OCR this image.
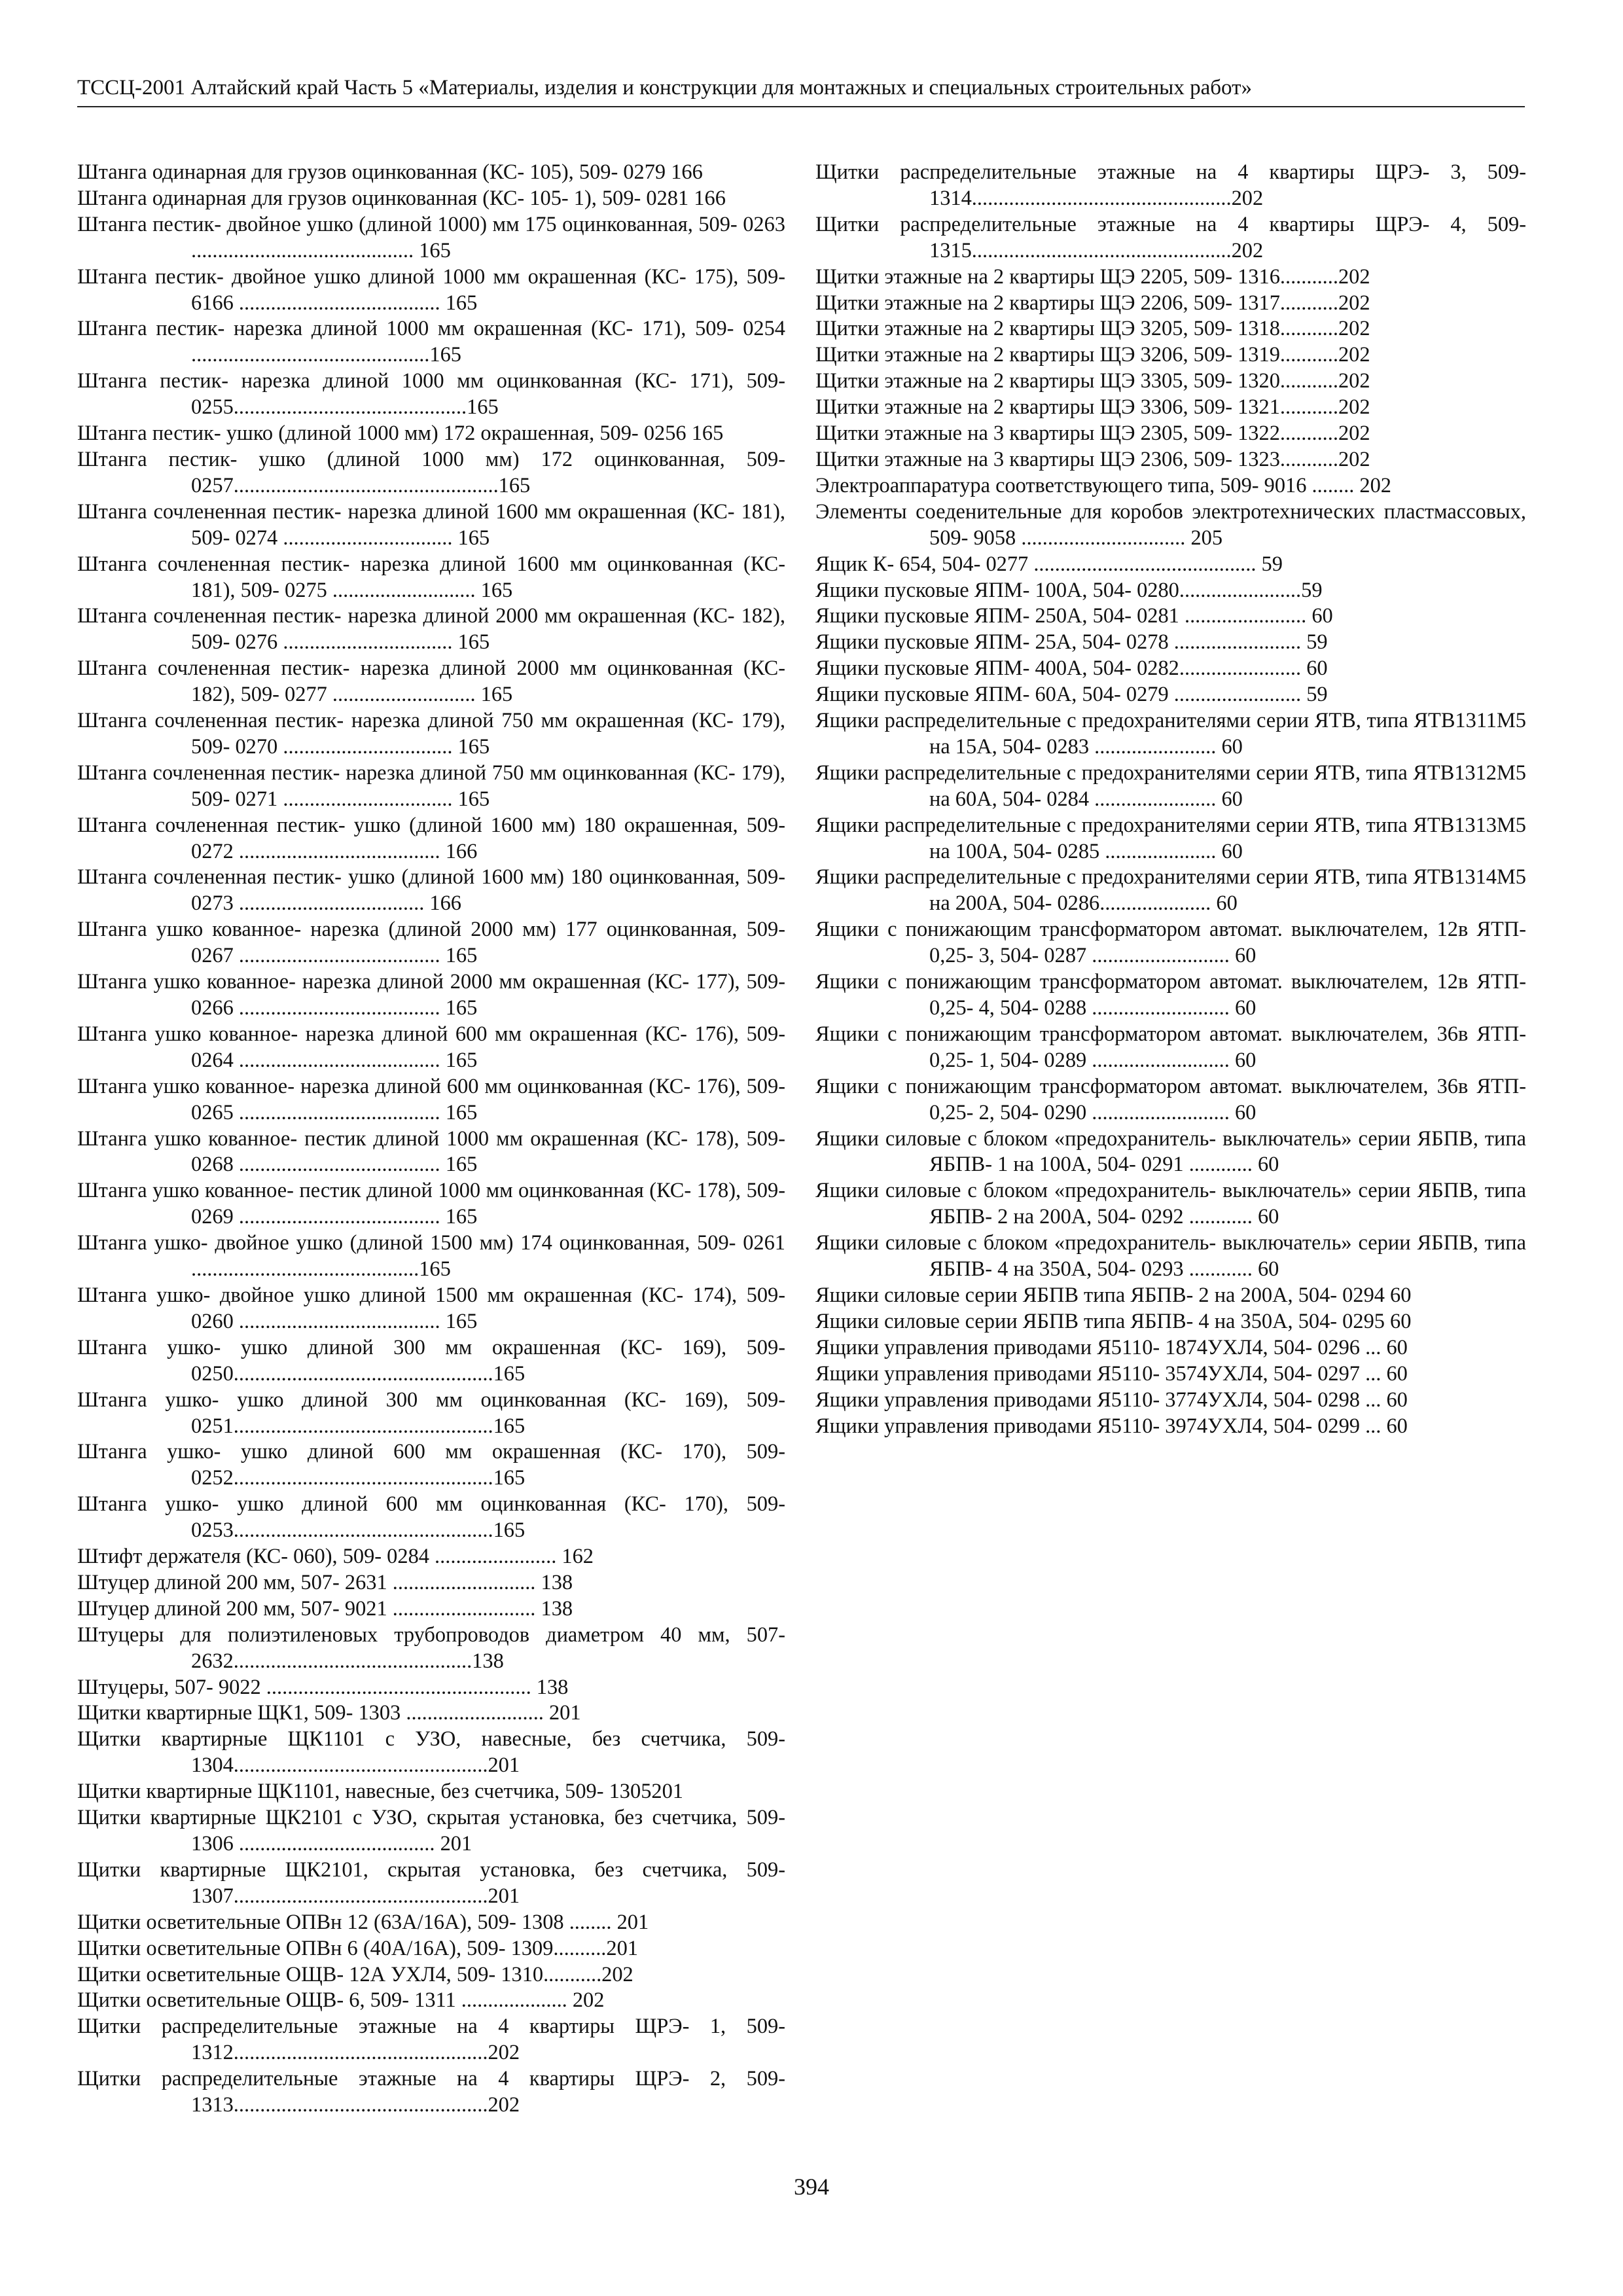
ТССЦ-2001 Алтайский край Часть 5 «Материалы, изделия и конструкции для монтажных и специальных строительных работ»

Штанга одинарная для грузов оцинкованная (КС- 105), 509- 0279 166

Штанга одинарная для грузов оцинкованная (КС- 105- 1), 509- 0281 166

Штанга пестик- двойное ушко (длиной 1000) мм 175 оцинкованная, 509- 0263 .......................................... 165

Штанга пестик- двойное ушко длиной 1000 мм окрашенная (КС- 175), 509- 6166 ...................................... 165

Штанга пестик- нарезка длиной 1000 мм окрашенная (КС- 171), 509- 0254 .............................................165

Штанга пестик- нарезка длиной 1000 мм оцинкованная (КС- 171), 509- 0255............................................165

Штанга пестик- ушко (длиной 1000 мм) 172 окрашенная, 509- 0256 165

Штанга пестик- ушко (длиной 1000 мм) 172 оцинкованная, 509- 0257..................................................165

Штанга сочлененная пестик- нарезка длиной 1600 мм окрашенная (КС- 181), 509- 0274 ................................ 165

Штанга сочлененная пестик- нарезка длиной 1600 мм оцинкованная (КС- 181), 509- 0275 ........................... 165

Штанга сочлененная пестик- нарезка длиной 2000 мм окрашенная (КС- 182), 509- 0276 ................................ 165

Штанга сочлененная пестик- нарезка длиной 2000 мм оцинкованная (КС- 182), 509- 0277 ........................... 165

Штанга сочлененная пестик- нарезка длиной 750 мм окрашенная (КС- 179), 509- 0270 ................................ 165

Штанга сочлененная пестик- нарезка длиной 750 мм оцинкованная (КС- 179), 509- 0271 ................................ 165

Штанга сочлененная пестик- ушко (длиной 1600 мм) 180 окрашенная, 509- 0272 ...................................... 166

Штанга сочлененная пестик- ушко (длиной 1600 мм) 180 оцинкованная, 509- 0273 ................................... 166

Штанга ушко кованное- нарезка (длиной 2000 мм) 177 оцинкованная, 509- 0267 ...................................... 165

Штанга ушко кованное- нарезка длиной 2000 мм окрашенная (КС- 177), 509- 0266 ...................................... 165

Штанга ушко кованное- нарезка длиной 600 мм окрашенная (КС- 176), 509- 0264 ...................................... 165

Штанга ушко кованное- нарезка длиной 600 мм оцинкованная (КС- 176), 509- 0265 ...................................... 165

Штанга ушко кованное- пестик длиной 1000 мм окрашенная (КС- 178), 509- 0268 ...................................... 165

Штанга ушко кованное- пестик длиной 1000 мм оцинкованная (КС- 178), 509- 0269 ...................................... 165

Штанга ушко- двойное ушко (длиной 1500 мм) 174 оцинкованная, 509- 0261 ...........................................165

Штанга ушко- двойное ушко длиной 1500 мм окрашенная (КС- 174), 509- 0260 ...................................... 165

Штанга ушко- ушко длиной 300 мм окрашенная (КС- 169), 509- 0250.................................................165

Штанга ушко- ушко длиной 300 мм оцинкованная (КС- 169), 509- 0251.................................................165

Штанга ушко- ушко длиной 600 мм окрашенная (КС- 170), 509- 0252.................................................165

Штанга ушко- ушко длиной 600 мм оцинкованная (КС- 170), 509- 0253.................................................165

Штифт держателя (КС- 060), 509- 0284 ....................... 162

Штуцер длиной 200 мм, 507- 2631 ........................... 138

Штуцер длиной 200 мм, 507- 9021 ........................... 138

Штуцеры для полиэтиленовых трубопроводов диаметром 40 мм, 507- 2632.............................................138

Штуцеры, 507- 9022 .................................................. 138

Щитки квартирные ЩК1, 509- 1303 .......................... 201

Щитки квартирные ЩК1101 с УЗО, навесные, без счетчика, 509- 1304................................................201

Щитки квартирные ЩК1101, навесные, без счетчика, 509- 1305201

Щитки квартирные ЩК2101 с УЗО, скрытая установка, без счетчика, 509- 1306 ..................................... 201

Щитки квартирные ЩК2101, скрытая установка, без счетчика, 509- 1307................................................201

Щитки осветительные ОПВн 12 (63А/16А), 509- 1308 ........ 201

Щитки осветительные ОПВн 6 (40А/16А), 509- 1309..........201

Щитки осветительные ОЩВ- 12А УХЛ4, 509- 1310...........202

Щитки осветительные ОЩВ- 6, 509- 1311 .................... 202

Щитки распределительные этажные на 4 квартиры ЩРЭ- 1, 509- 1312................................................202

Щитки распределительные этажные на 4 квартиры ЩРЭ- 2, 509- 1313................................................202

Щитки распределительные этажные на 4 квартиры ЩРЭ- 3, 509- 1314.................................................202

Щитки распределительные этажные на 4 квартиры ЩРЭ- 4, 509- 1315.................................................202

Щитки этажные на 2 квартиры ЩЭ 2205, 509- 1316...........202

Щитки этажные на 2 квартиры ЩЭ 2206, 509- 1317...........202

Щитки этажные на 2 квартиры ЩЭ 3205, 509- 1318...........202

Щитки этажные на 2 квартиры ЩЭ 3206, 509- 1319...........202

Щитки этажные на 2 квартиры ЩЭ 3305, 509- 1320...........202

Щитки этажные на 2 квартиры ЩЭ 3306, 509- 1321...........202

Щитки этажные на 3 квартиры ЩЭ 2305, 509- 1322...........202

Щитки этажные на 3 квартиры ЩЭ 2306, 509- 1323...........202

Электроаппаратура соответствующего типа, 509- 9016 ........ 202

Элементы соеденительные для коробов электротехнических пластмассовых, 509- 9058 ............................... 205

Ящик К- 654, 504- 0277 .......................................... 59

Ящики пусковые ЯПМ- 100А, 504- 0280.......................59

Ящики пусковые ЯПМ- 250А, 504- 0281 ....................... 60

Ящики пусковые ЯПМ- 25А, 504- 0278 ........................ 59

Ящики пусковые ЯПМ- 400А, 504- 0282....................... 60

Ящики пусковые ЯПМ- 60А, 504- 0279 ........................ 59

Ящики распределительные с предохранителями серии ЯТВ, типа ЯТВ1311М5 на 15А, 504- 0283 ....................... 60

Ящики распределительные с предохранителями серии ЯТВ, типа ЯТВ1312М5 на 60А, 504- 0284 ....................... 60

Ящики распределительные с предохранителями серии ЯТВ, типа ЯТВ1313М5 на 100А, 504- 0285 ..................... 60

Ящики распределительные с предохранителями серии ЯТВ, типа ЯТВ1314М5 на 200А, 504- 0286..................... 60

Ящики с понижающим трансформатором автомат. выключателем, 12в ЯТП- 0,25- 3, 504- 0287 .......................... 60

Ящики с понижающим трансформатором автомат. выключателем, 12в ЯТП- 0,25- 4, 504- 0288 .......................... 60

Ящики с понижающим трансформатором автомат. выключателем, 36в ЯТП- 0,25- 1, 504- 0289 .......................... 60

Ящики с понижающим трансформатором автомат. выключателем, 36в ЯТП- 0,25- 2, 504- 0290 .......................... 60

Ящики силовые с блоком «предохранитель- выключатель» серии ЯБПВ, типа ЯБПВ- 1 на 100А, 504- 0291 ............ 60

Ящики силовые с блоком «предохранитель- выключатель» серии ЯБПВ, типа ЯБПВ- 2 на 200А, 504- 0292 ............ 60

Ящики силовые с блоком «предохранитель- выключатель» серии ЯБПВ, типа ЯБПВ- 4 на 350А, 504- 0293 ............ 60

Ящики силовые серии ЯБПВ типа ЯБПВ- 2 на 200А, 504- 0294 60

Ящики силовые серии ЯБПВ типа ЯБПВ- 4 на 350А, 504- 0295 60

Ящики управления приводами Я5110- 1874УХЛ4, 504- 0296 ... 60

Ящики управления приводами Я5110- 3574УХЛ4, 504- 0297 ... 60

Ящики управления приводами Я5110- 3774УХЛ4, 504- 0298 ... 60

Ящики управления приводами Я5110- 3974УХЛ4, 504- 0299 ... 60

394
